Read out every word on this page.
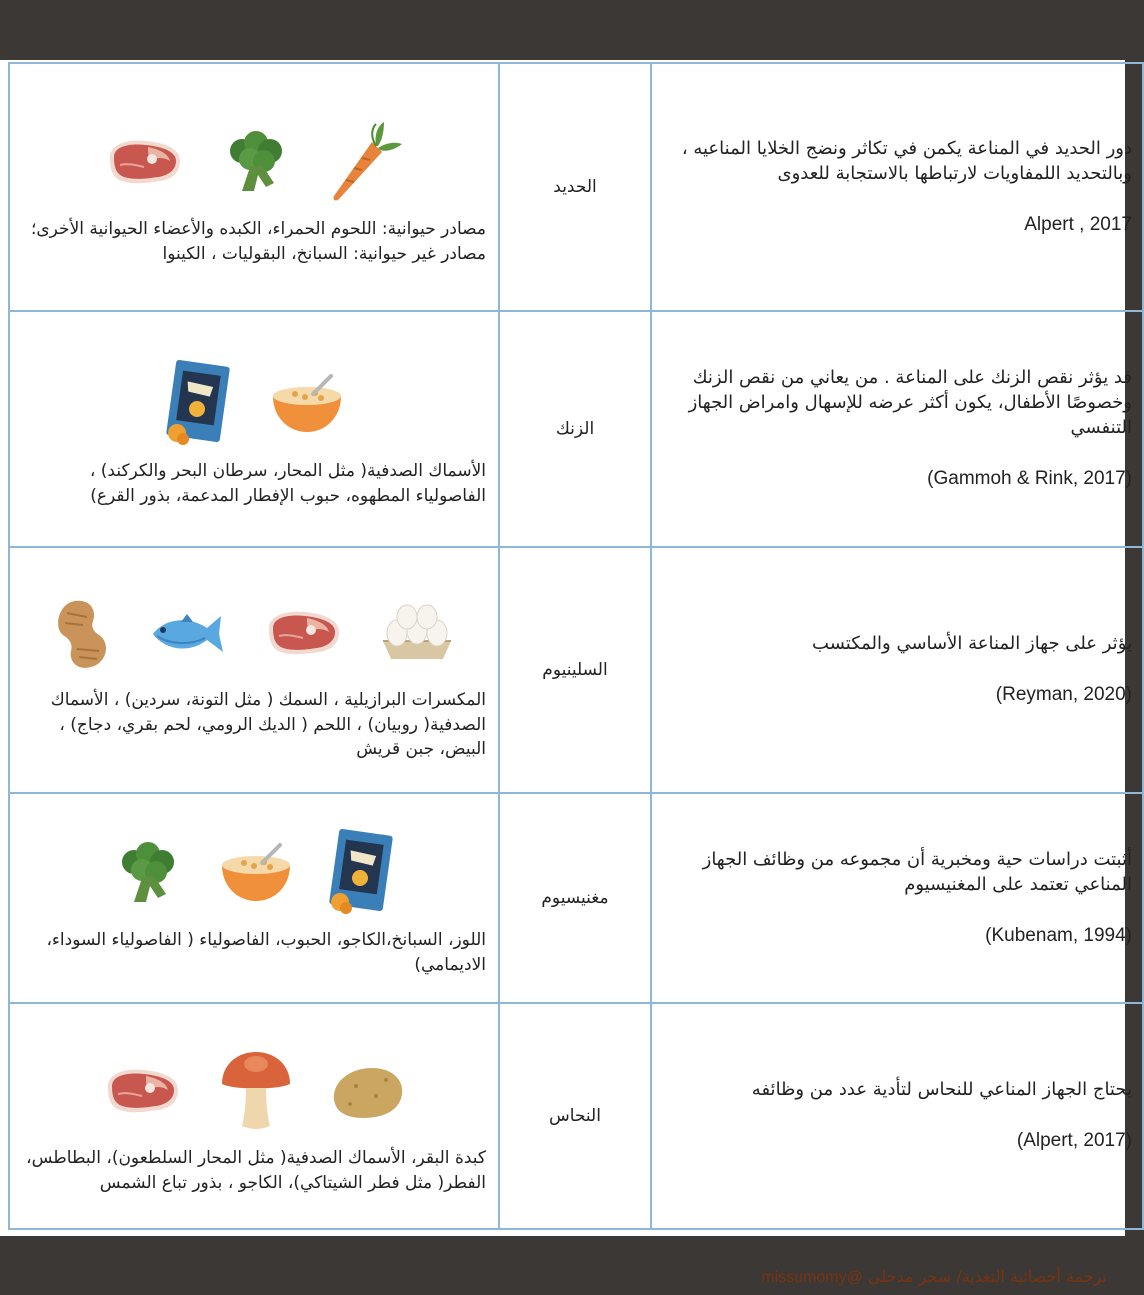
دور الحديد في المناعة يكمن في تكاثر ونضج الخلايا المناعيه ، وبالتحديد اللمفاويات لارتباطها بالاستجابة للعدوى
Alpert , 2017	الحديد	مصادر حيوانية: اللحوم الحمراء، الكبده والأعضاء الحيوانية الأخرى؛ مصادر غير حيوانية: السبانخ، البقوليات ، الكينوا

قد يؤثر نقص الزنك على المناعة . من يعاني من نقص الزنك وخصوصًا الأطفال، يكون أكثر عرضه للإسهال وامراض الجهاز التنفسي
(Gammoh & Rink, 2017)	الزنك	الأسماك الصدفية( مثل المحار، سرطان البحر والكركند) ، الفاصولياء المطهوه، حبوب الإفطار المدعمة، بذور القرع)

يؤثر على جهاز المناعة الأساسي والمكتسب
(Reyman, 2020)	السلينيوم	المكسرات البرازيلية ، السمك ( مثل التونة، سردين) ، الأسماك الصدفية( روبيان) ، اللحم ( الديك الرومي، لحم بقري، دجاج) ، البيض، جبن قريش

أثبتت دراسات حية ومخبرية أن مجموعه من وظائف الجهاز المناعي تعتمد على المغنيسيوم
(Kubenam, 1994)	مغنيسيوم	اللوز، السبانخ،الكاجو، الحبوب، الفاصولياء ( الفاصولياء السوداء، الاديمامي)

يحتاج الجهاز المناعي للنحاس لتأدية عدد من وظائفه
(Alpert, 2017)	النحاس	كبدة البقر، الأسماك الصدفية( مثل المحار السلطعون)، البطاطس، الفطر( مثل فطر الشيتاكي)، الكاجو ، بذور تباع الشمس
ترجمة أخصائية التغذية/ سحر مدخلي @missumomy
